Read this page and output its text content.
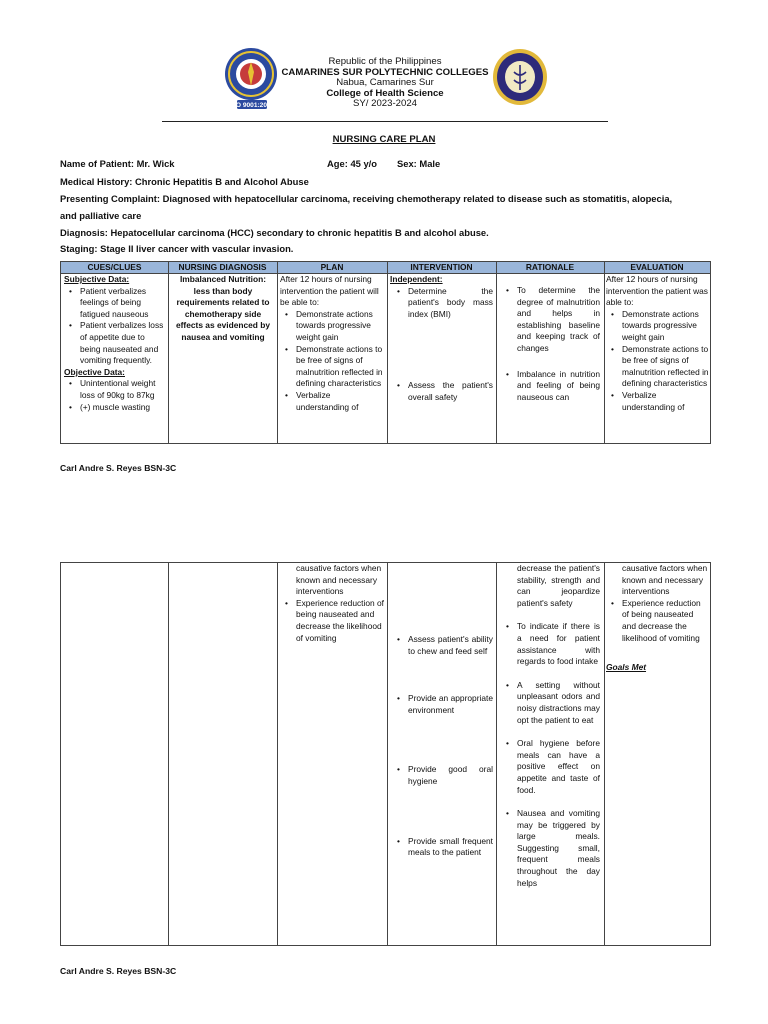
ISO 9001:2015
Republic of the Philippines
CAMARINES SUR POLYTECHNIC COLLEGES
Nabua, Camarines Sur
College of Health Science
SY/ 2023-2024
NURSING CARE PLAN
Name of Patient: Mr. Wick	Age: 45 y/o Sex: Male
Medical History: Chronic Hepatitis B and Alcohol Abuse
Presenting Complaint: Diagnosed with hepatocellular carcinoma, receiving chemotherapy related to disease such as stomatitis, alopecia,
and palliative care
Diagnosis: Hepatocellular carcinoma (HCC) secondary to chronic hepatitis B and alcohol abuse.
Staging: Stage II liver cancer with vascular invasion.
CUES/CLUES	NURSING DIAGNOSIS	PLAN	INTERVENTION	RATIONALE	EVALUATION
Subjective Data:
• Patient verbalizes feelings of being fatigued nauseous
• Patient verbalizes loss of appetite due to being nauseated and vomiting frequently.
Objective Data:
• Unintentional weight loss of 90kg to 87kg
• (+) muscle wasting
Imbalanced Nutrition: less than body requirements related to chemotherapy side effects as evidenced by nausea and vomiting
After 12 hours of nursing intervention the patient will be able to:
• Demonstrate actions towards progressive weight gain
• Demonstrate actions to be free of signs of malnutrition reflected in defining characteristics
• Verbalize understanding of
Independent:
• Determine the patient's body mass index (BMI)
• Assess the patient's overall safety
• To determine the degree of malnutrition and helps in establishing baseline and keeping track of changes
• Imbalance in nutrition and feeling of being nauseous can
After 12 hours of nursing intervention the patient was able to:
• Demonstrate actions towards progressive weight gain
• Demonstrate actions to be free of signs of malnutrition reflected in defining characteristics
• Verbalize understanding of
Carl Andre S. Reyes BSN-3C
causative factors when known and necessary interventions
• Experience reduction of being nauseated and decrease the likelihood of vomiting
•	Assess patient's ability to chew and feed self
• Provide an appropriate environment
• Provide good oral hygiene
• Provide small frequent meals to the patient
decrease the patient's stability, strength and can jeopardize patient's safety
• To indicate if there is a need for patient assistance with regards to food intake
• A setting without unpleasant odors and noisy distractions may opt the patient to eat
• Oral hygiene before meals can have a positive effect on appetite and taste of food.
• Nausea and vomiting may be triggered by large meals. Suggesting small, frequent meals throughout the day helps
causative factors when known and necessary interventions
• Experience reduction of being nauseated and decrease the likelihood of vomiting
Goals Met
Carl Andre S. Reyes BSN-3C
